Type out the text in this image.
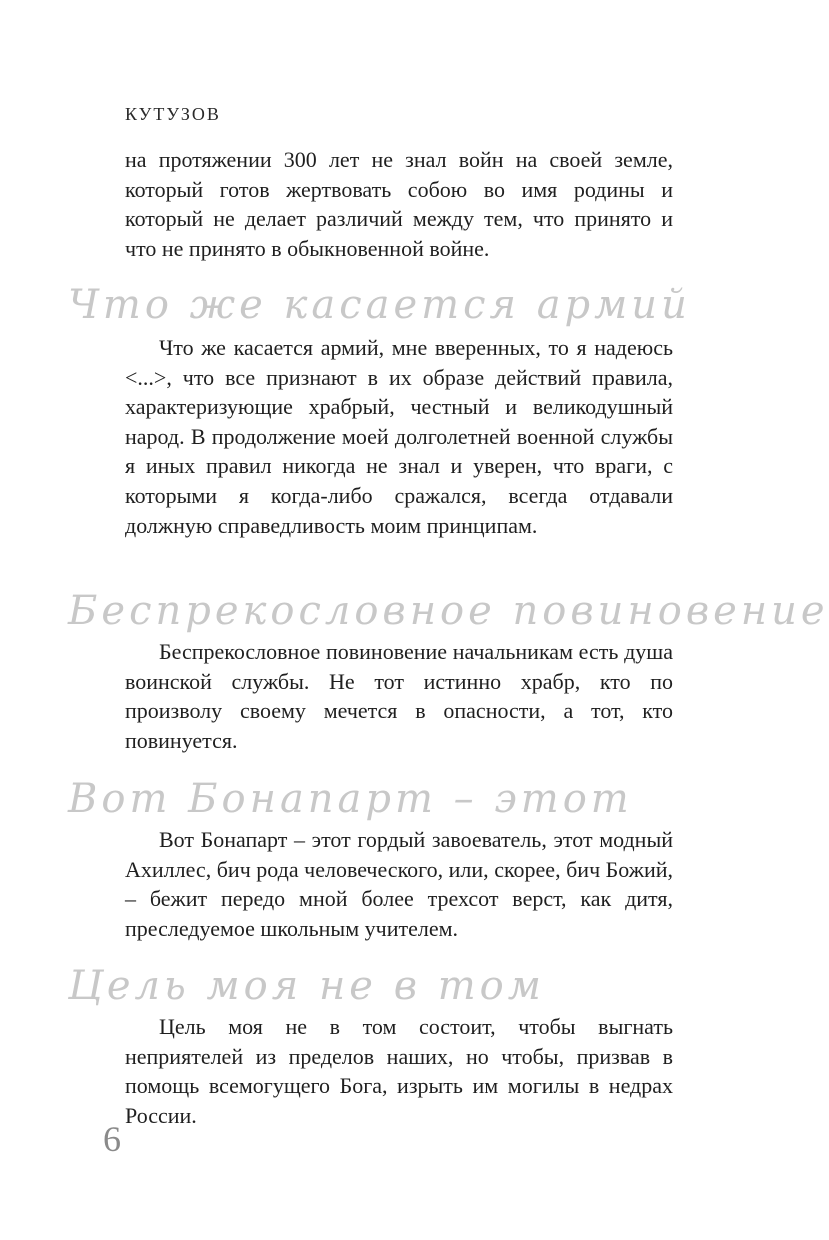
КУТУЗОВ

на протяжении 300 лет не знал войн на своей земле, который готов жертвовать собою во имя родины и который не делает различий между тем, что принято и что не принято в обыкновенной войне.

Что же касается армий

Что же касается армий, мне вверенных, то я надеюсь <...>, что все признают в их образе действий правила, характеризующие храбрый, честный и великодушный народ. В продолжение моей долголетней военной службы я иных правил никогда не знал и уверен, что враги, с которыми я когда-либо сражался, всегда отдавали должную справедливость моим принципам.

Беспрекословное повиновение

Беспрекословное повиновение начальникам есть душа воинской службы. Не тот истинно храбр, кто по произволу своему мечется в опасности, а тот, кто повинуется.

Вот Бонапарт – этот

Вот Бонапарт – этот гордый завоеватель, этот модный Ахиллес, бич рода человеческого, или, скорее, бич Божий, – бежит передо мной более трехсот верст, как дитя, преследуемое школьным учителем.

Цель моя не в том

Цель моя не в том состоит, чтобы выгнать неприятелей из пределов наших, но чтобы, призвав в помощь всемогущего Бога, изрыть им могилы в недрах России.

6
